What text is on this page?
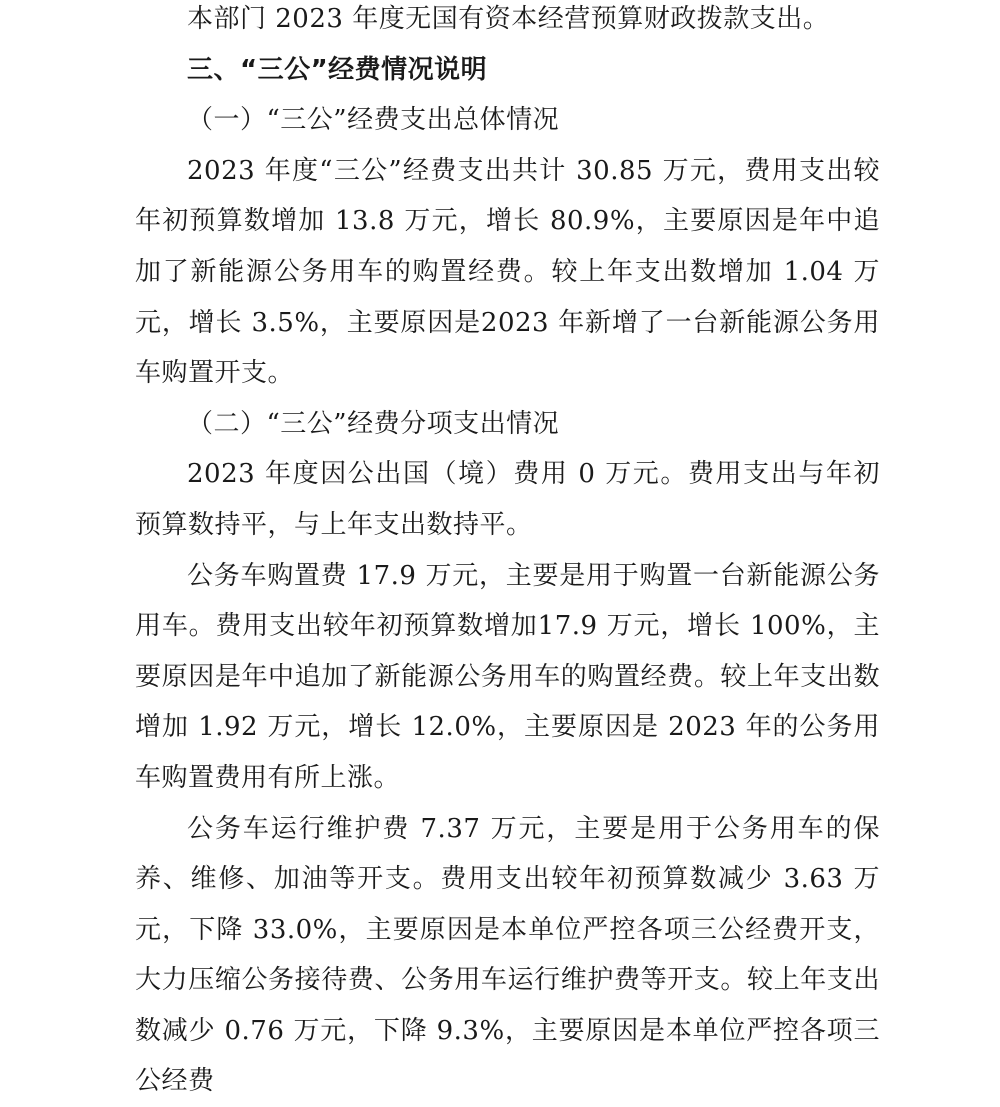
本部门 2023 年度无国有资本经营预算财政拨款支出。

三、“三公”经费情况说明

（一）“三公”经费支出总体情况

2023 年度“三公”经费支出共计 30.85 万元，费用支出较年初预算数增加 13.8 万元，增长 80.9%，主要原因是年中追加了新能源公务用车的购置经费。较上年支出数增加 1.04 万元，增长 3.5%，主要原因是2023 年新增了一台新能源公务用车购置开支。

（二）“三公”经费分项支出情况

2023 年度因公出国（境）费用 0 万元。费用支出与年初预算数持平，与上年支出数持平。

公务车购置费 17.9 万元，主要是用于购置一台新能源公务用车。费用支出较年初预算数增加17.9 万元，增长 100%，主要原因是年中追加了新能源公务用车的购置经费。较上年支出数增加 1.92 万元，增长 12.0%，主要原因是 2023 年的公务用车购置费用有所上涨。

公务车运行维护费 7.37 万元，主要是用于公务用车的保养、维修、加油等开支。费用支出较年初预算数减少 3.63 万元，下降 33.0%，主要原因是本单位严控各项三公经费开支，大力压缩公务接待费、公务用车运行维护费等开支。较上年支出数减少 0.76 万元，下降 9.3%，主要原因是本单位严控各项三公经费
